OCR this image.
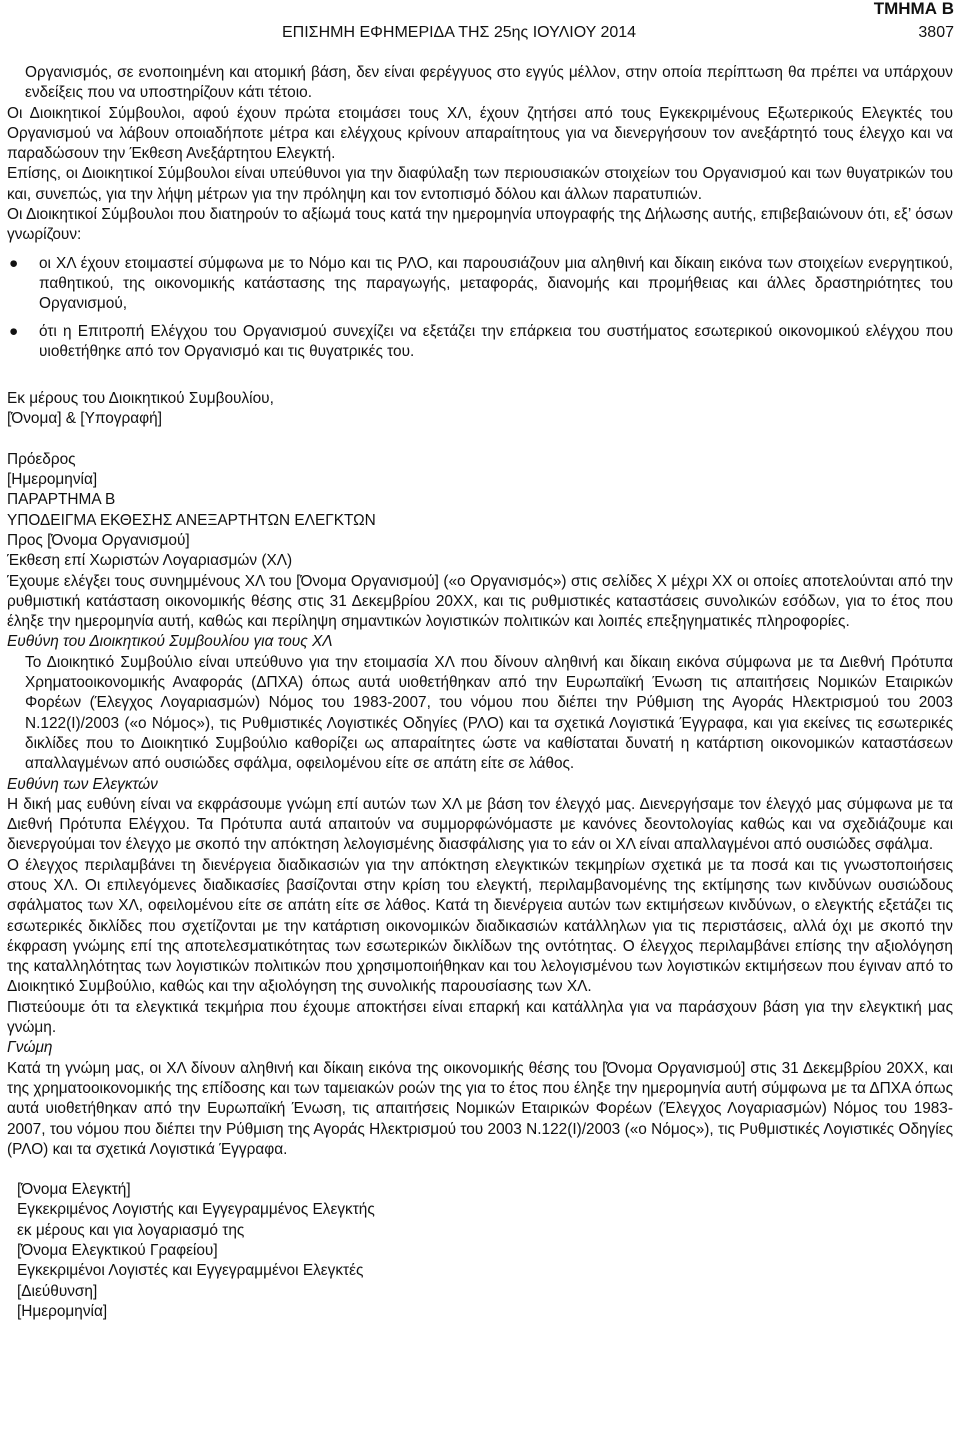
ΤΜΗΜΑ Β
ΕΠΙΣΗΜΗ ΕΦΗΜΕΡΙΔΑ ΤΗΣ 25ης ΙΟΥΛΙΟΥ 2014	3807

Οργανισμός, σε ενοποιημένη και ατομική βάση, δεν είναι φερέγγυος στο εγγύς μέλλον, στην οποία περίπτωση θα πρέπει να υπάρχουν ενδείξεις που να υποστηρίζουν κάτι τέτοιο.

Οι Διοικητικοί Σύμβουλοι, αφού έχουν πρώτα ετοιμάσει τους ΧΛ, έχουν ζητήσει από τους Εγκεκριμένους Εξωτερικούς Ελεγκτές του Οργανισμού να λάβουν οποιαδήποτε μέτρα και ελέγχους κρίνουν απαραίτητους για να διενεργήσουν τον ανεξάρτητό τους έλεγχο και να παραδώσουν την Έκθεση Ανεξάρτητου Ελεγκτή.

Επίσης, οι Διοικητικοί Σύμβουλοι είναι υπεύθυνοι για την διαφύλαξη των περιουσιακών στοιχείων του Οργανισμού και των θυγατρικών του και, συνεπώς, για την λήψη μέτρων για την πρόληψη και τον εντοπισμό δόλου και άλλων παρατυπιών.

Οι Διοικητικοί Σύμβουλοι που διατηρούν το αξίωμά τους κατά την ημερομηνία υπογραφής της Δήλωσης αυτής, επιβεβαιώνουν ότι, εξ’ όσων γνωρίζουν:

● οι ΧΛ έχουν ετοιμαστεί σύμφωνα με το Νόμο και τις ΡΛΟ, και παρουσιάζουν μια αληθινή και δίκαιη εικόνα των στοιχείων ενεργητικού, παθητικού, της οικονομικής κατάστασης της παραγωγής, μεταφοράς, διανομής και προμήθειας και άλλες δραστηριότητες του Οργανισμού,
● ότι η Επιτροπή Ελέγχου του Οργανισμού συνεχίζει να εξετάζει την επάρκεια του συστήματος εσωτερικού οικονομικού ελέγχου που υιοθετήθηκε από τον Οργανισμό και τις θυγατρικές του.

Εκ μέρους του Διοικητικού Συμβουλίου,

[Όνομα] & [Υπογραφή]

Πρόεδρος

[Ημερομηνία]

ΠΑΡΑΡΤΗΜΑ Β

ΥΠΟΔΕΙΓΜΑ ΕΚΘΕΣΗΣ ΑΝΕΞΑΡΤΗΤΩΝ ΕΛΕΓΚΤΩΝ

Προς [Όνομα Οργανισμού]

Έκθεση επί Χωριστών Λογαριασμών (ΧΛ)

Έχουμε ελέγξει τους συνημμένους ΧΛ του [Όνομα Οργανισμού] («ο Οργανισμός») στις σελίδες Χ μέχρι ΧΧ οι οποίες αποτελούνται από την ρυθμιστική κατάσταση οικονομικής θέσης στις 31 Δεκεμβρίου 20ΧΧ, και τις ρυθμιστικές καταστάσεις συνολικών εσόδων, για το έτος που έληξε την ημερομηνία αυτή, καθώς και περίληψη σημαντικών λογιστικών πολιτικών και λοιπές επεξηγηματικές πληροφορίες.

Ευθύνη του Διοικητικού Συμβουλίου για τους ΧΛ

Το Διοικητικό Συμβούλιο είναι υπεύθυνο για την ετοιμασία ΧΛ που δίνουν αληθινή και δίκαιη εικόνα σύμφωνα με τα Διεθνή Πρότυπα Χρηματοοικονομικής Αναφοράς (ΔΠΧΑ) όπως αυτά υιοθετήθηκαν από την Ευρωπαϊκή Ένωση τις απαιτήσεις Νομικών Εταιρικών Φορέων (Έλεγχος Λογαριασμών) Νόμος του 1983-2007, του νόμου που διέπει την Ρύθμιση της Αγοράς Ηλεκτρισμού του 2003 Ν.122(Ι)/2003 («ο Νόμος»), τις Ρυθμιστικές Λογιστικές Οδηγίες (ΡΛΟ) και τα σχετικά Λογιστικά Έγγραφα, και για εκείνες τις εσωτερικές δικλίδες που το Διοικητικό Συμβούλιο καθορίζει ως απαραίτητες ώστε να καθίσταται δυνατή η κατάρτιση οικονομικών καταστάσεων απαλλαγμένων από ουσιώδες σφάλμα, οφειλομένου είτε σε απάτη είτε σε λάθος.

Ευθύνη των Ελεγκτών

Η δική μας ευθύνη είναι να εκφράσουμε γνώμη επί αυτών των ΧΛ με βάση τον έλεγχό μας. Διενεργήσαμε τον έλεγχό μας σύμφωνα με τα Διεθνή Πρότυπα Ελέγχου. Τα Πρότυπα αυτά απαιτούν να συμμορφώνόμαστε με κανόνες δεοντολογίας καθώς και να σχεδιάζουμε και διενεργούμαι τον έλεγχο με σκοπό την απόκτηση λελογισμένης διασφάλισης για το εάν οι ΧΛ είναι απαλλαγμένοι από ουσιώδες σφάλμα.

Ο έλεγχος περιλαμβάνει τη διενέργεια διαδικασιών για την απόκτηση ελεγκτικών τεκμηρίων σχετικά με τα ποσά και τις γνωστοποιήσεις στους ΧΛ. Οι επιλεγόμενες διαδικασίες βασίζονται στην κρίση του ελεγκτή, περιλαμβανομένης της εκτίμησης των κινδύνων ουσιώδους σφάλματος των ΧΛ, οφειλομένου είτε σε απάτη είτε σε λάθος. Κατά τη διενέργεια αυτών των εκτιμήσεων κινδύνων, ο ελεγκτής εξετάζει τις εσωτερικές δικλίδες που σχετίζονται με την κατάρτιση οικονομικών διαδικασιών κατάλληλων για τις περιστάσεις, αλλά όχι με σκοπό την έκφραση γνώμης επί της αποτελεσματικότητας των εσωτερικών δικλίδων της οντότητας. Ο έλεγχος περιλαμβάνει επίσης την αξιολόγηση της καταλληλότητας των λογιστικών πολιτικών που χρησιμοποιήθηκαν και του λελογισμένου των λογιστικών εκτιμήσεων που έγιναν από το Διοικητικό Συμβούλιο, καθώς και την αξιολόγηση της συνολικής παρουσίασης των ΧΛ.

Πιστεύουμε ότι τα ελεγκτικά τεκμήρια που έχουμε αποκτήσει είναι επαρκή και κατάλληλα για να παράσχουν βάση για την ελεγκτική μας γνώμη.

Γνώμη

Κατά τη γνώμη μας, οι ΧΛ δίνουν αληθινή και δίκαιη εικόνα της οικονομικής θέσης του [Όνομα Οργανισμού] στις 31 Δεκεμβρίου 20ΧΧ, και της χρηματοοικονομικής της επίδοσης και των ταμειακών ροών της για το έτος που έληξε την ημερομηνία αυτή σύμφωνα με τα ΔΠΧΑ όπως αυτά υιοθετήθηκαν από την Ευρωπαϊκή Ένωση, τις απαιτήσεις Νομικών Εταιρικών Φορέων (Έλεγχος Λογαριασμών) Νόμος του 1983-2007, του νόμου που διέπει την Ρύθμιση της Αγοράς Ηλεκτρισμού του 2003 Ν.122(Ι)/2003 («ο Νόμος»), τις Ρυθμιστικές Λογιστικές Οδηγίες (ΡΛΟ) και τα σχετικά Λογιστικά Έγγραφα.

[Όνομα Ελεγκτή]

Εγκεκριμένος Λογιστής και Εγγεγραμμένος Ελεγκτής

εκ μέρους και για λογαριασμό της

[Όνομα Ελεγκτικού Γραφείου]

Εγκεκριμένοι Λογιστές και Εγγεγραμμένοι Ελεγκτές

[Διεύθυνση]

[Ημερομηνία]
